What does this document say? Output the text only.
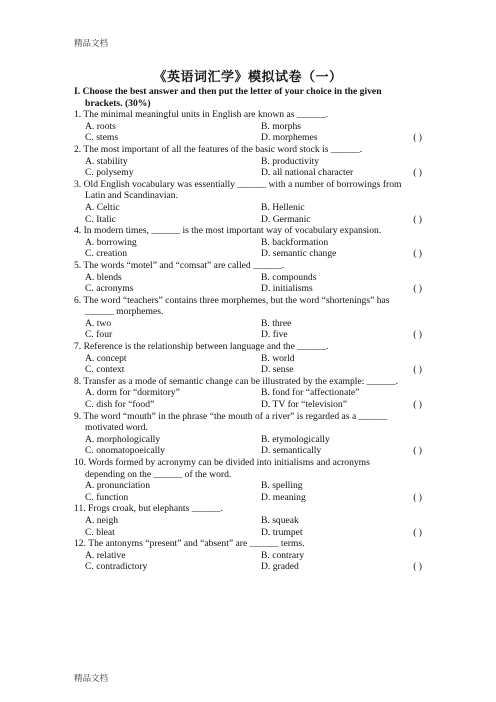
精品文档
《英语词汇学》模拟试卷（一）
I. Choose the best answer and then put the letter of your choice in the given
brackets. (30%)
1. The minimal meaningful units in English are known as ______.
A. roots	B. morphs
C. stems	D. morphemes	( )
2. The most important of all the features of the basic word stock is ______.
A. stability	B. productivity
C. polysemy	D. all national character	( )
3. Old English vocabulary was essentially ______ with a number of borrowings from
Latin and Scandinavian.
A. Celtic	B. Hellenic
C. Italic	D. Germanic	( )
4. In modern times, ______ is the most important way of vocabulary expansion.
A. borrowing	B. backformation
C. creation	D. semantic change	( )
5. The words “motel” and “comsat” are called ______.
A. blends	B. compounds
C. acronyms	D. initialisms	( )
6. The word “teachers” contains three morphemes, but the word “shortenings” has
______ morphemes.
A. two	B. three
C. four	D. five	( )
7. Reference is the relationship between language and the ______.
A. concept	B. world
C. context	D. sense	( )
8. Transfer as a mode of semantic change can be illustrated by the example: ______.
A. dorm for “dormitory”	B. fond for “affectionate”
C. dish for “food”	D. TV for “television”	( )
9. The word “mouth” in the phrase “the mouth of a river” is regarded as a ______
motivated word.
A. morphologically	B. etymologically
C. onomatopoeically	D. semantically	( )
10. Words formed by acronymy can be divided into initialisms and acronyms
depending on the ______ of the word.
A. pronunciation	B. spelling
C. function	D. meaning	( )
11. Frogs croak, but elephants ______.
A. neigh	B. squeak
C. bleat	D. trumpet	( )
12. The antonyms “present” and “absent” are ______ terms.
A. relative	B. contrary
C. contradictory	D. graded	( )
精品文档
